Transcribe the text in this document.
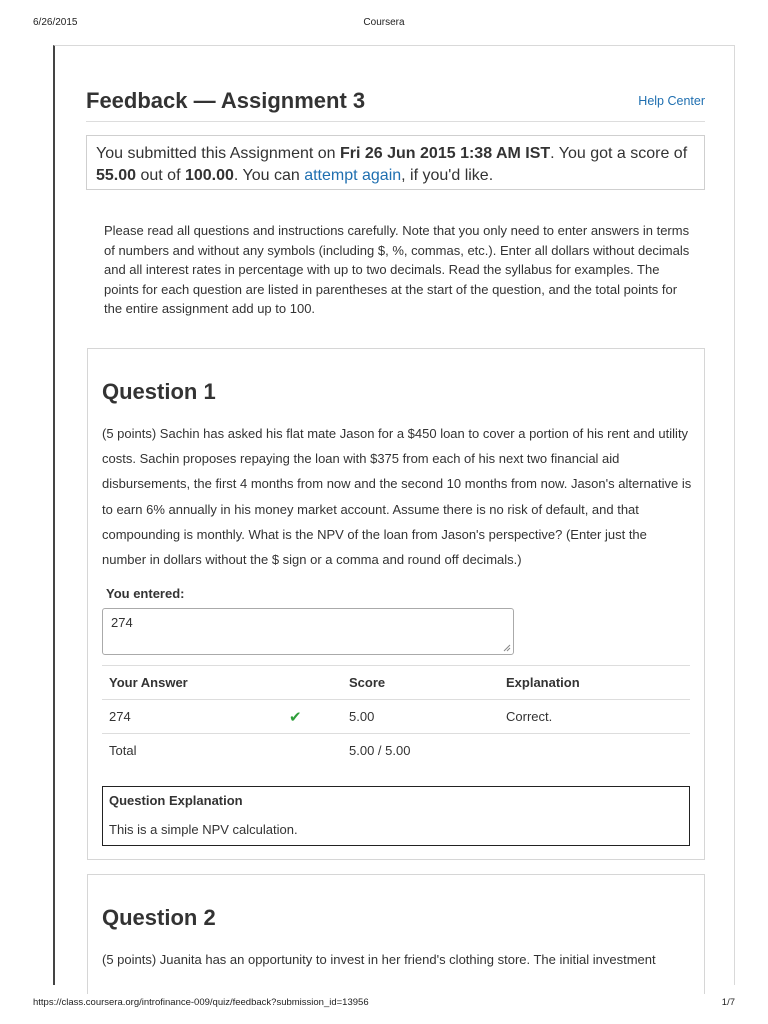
6/26/2015	Coursera
Feedback — Assignment 3	Help Center
You submitted this Assignment on Fri 26 Jun 2015 1:38 AM IST. You got a score of 55.00 out of 100.00. You can attempt again, if you'd like.

Please read all questions and instructions carefully. Note that you only need to enter answers in terms of numbers and without any symbols (including $, %, commas, etc.). Enter all dollars without decimals and all interest rates in percentage with up to two decimals. Read the syllabus for examples. The points for each question are listed in parentheses at the start of the question, and the total points for the entire assignment add up to 100.

Question 1

(5 points) Sachin has asked his flat mate Jason for a $450 loan to cover a portion of his rent and utility costs. Sachin proposes repaying the loan with $375 from each of his next two financial aid disbursements, the first 4 months from now and the second 10 months from now. Jason's alternative is to earn 6% annually in his money market account. Assume there is no risk of default, and that compounding is monthly. What is the NPV of the loan from Jason's perspective? (Enter just the number in dollars without the $ sign or a comma and round off decimals.)

You entered:
274
Your Answer		Score	Explanation
274	✔	5.00	Correct.
Total		5.00 / 5.00	
Question Explanation
This is a simple NPV calculation.
Question 2

(5 points) Juanita has an opportunity to invest in her friend's clothing store. The initial investment

https://class.coursera.org/introfinance-009/quiz/feedback?submission_id=13956	1/7
